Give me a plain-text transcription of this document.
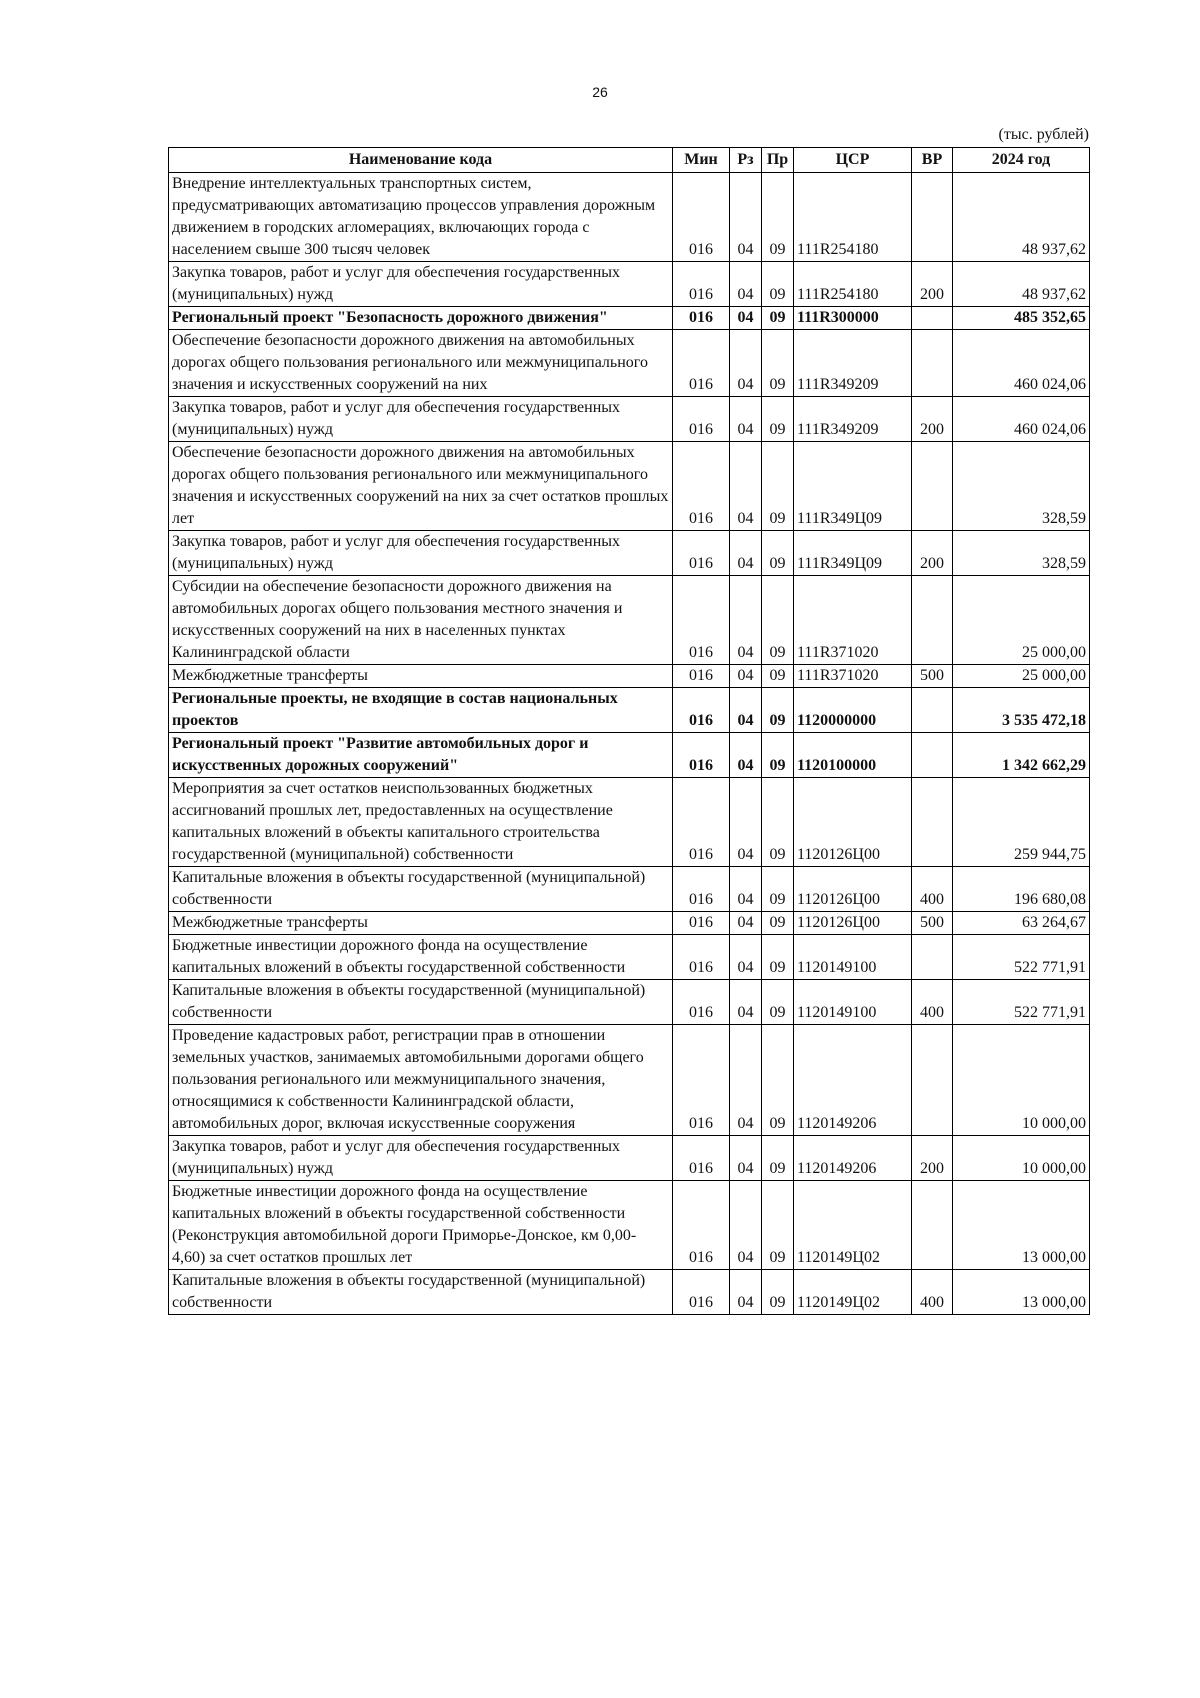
26
(тыс. рублей)
Наименование кода	Мин	Рз	Пр	ЦСР	ВР	2024 год
Внедрение интеллектуальных транспортных систем, предусматривающих автоматизацию процессов управления дорожным движением в городских агломерациях, включающих города с населением свыше 300 тысяч человек	016	04	09	111R254180		48 937,62
Закупка товаров, работ и услуг для обеспечения государственных (муниципальных) нужд	016	04	09	111R254180	200	48 937,62
Региональный проект "Безопасность дорожного движения"	016	04	09	111R300000		485 352,65
Обеспечение безопасности дорожного движения на автомобильных дорогах общего пользования регионального или межмуниципального значения и искусственных сооружений на них	016	04	09	111R349209		460 024,06
Закупка товаров, работ и услуг для обеспечения государственных (муниципальных) нужд	016	04	09	111R349209	200	460 024,06
Обеспечение безопасности дорожного движения на автомобильных дорогах общего пользования регионального или межмуниципального значения и искусственных сооружений на них за счет остатков прошлых лет	016	04	09	111R349Ц09		328,59
Закупка товаров, работ и услуг для обеспечения государственных (муниципальных) нужд	016	04	09	111R349Ц09	200	328,59
Субсидии на обеспечение безопасности дорожного движения на автомобильных дорогах общего пользования местного значения и искусственных сооружений на них в населенных пунктах Калининградской области	016	04	09	111R371020		25 000,00
Межбюджетные трансферты	016	04	09	111R371020	500	25 000,00
Региональные проекты, не входящие в состав национальных проектов	016	04	09	1120000000		3 535 472,18
Региональный проект "Развитие автомобильных дорог и искусственных дорожных сооружений"	016	04	09	1120100000		1 342 662,29
Мероприятия за счет остатков неиспользованных бюджетных ассигнований прошлых лет, предоставленных на осуществление капитальных вложений в объекты капитального строительства государственной (муниципальной) собственности	016	04	09	1120126Ц00		259 944,75
Капитальные вложения в объекты государственной (муниципальной) собственности	016	04	09	1120126Ц00	400	196 680,08
Межбюджетные трансферты	016	04	09	1120126Ц00	500	63 264,67
Бюджетные инвестиции дорожного фонда на осуществление капитальных вложений в объекты государственной собственности	016	04	09	1120149100		522 771,91
Капитальные вложения в объекты государственной (муниципальной) собственности	016	04	09	1120149100	400	522 771,91
Проведение кадастровых работ, регистрации прав в отношении земельных участков, занимаемых автомобильными дорогами общего пользования регионального или межмуниципального значения, относящимися к собственности Калининградской области, автомобильных дорог, включая искусственные сооружения	016	04	09	1120149206		10 000,00
Закупка товаров, работ и услуг для обеспечения государственных (муниципальных) нужд	016	04	09	1120149206	200	10 000,00
Бюджетные инвестиции дорожного фонда на осуществление капитальных вложений в объекты государственной собственности (Реконструкция автомобильной дороги Приморье-Донское, км 0,00-4,60) за счет остатков прошлых лет	016	04	09	1120149Ц02		13 000,00
Капитальные вложения в объекты государственной (муниципальной) собственности	016	04	09	1120149Ц02	400	13 000,00
